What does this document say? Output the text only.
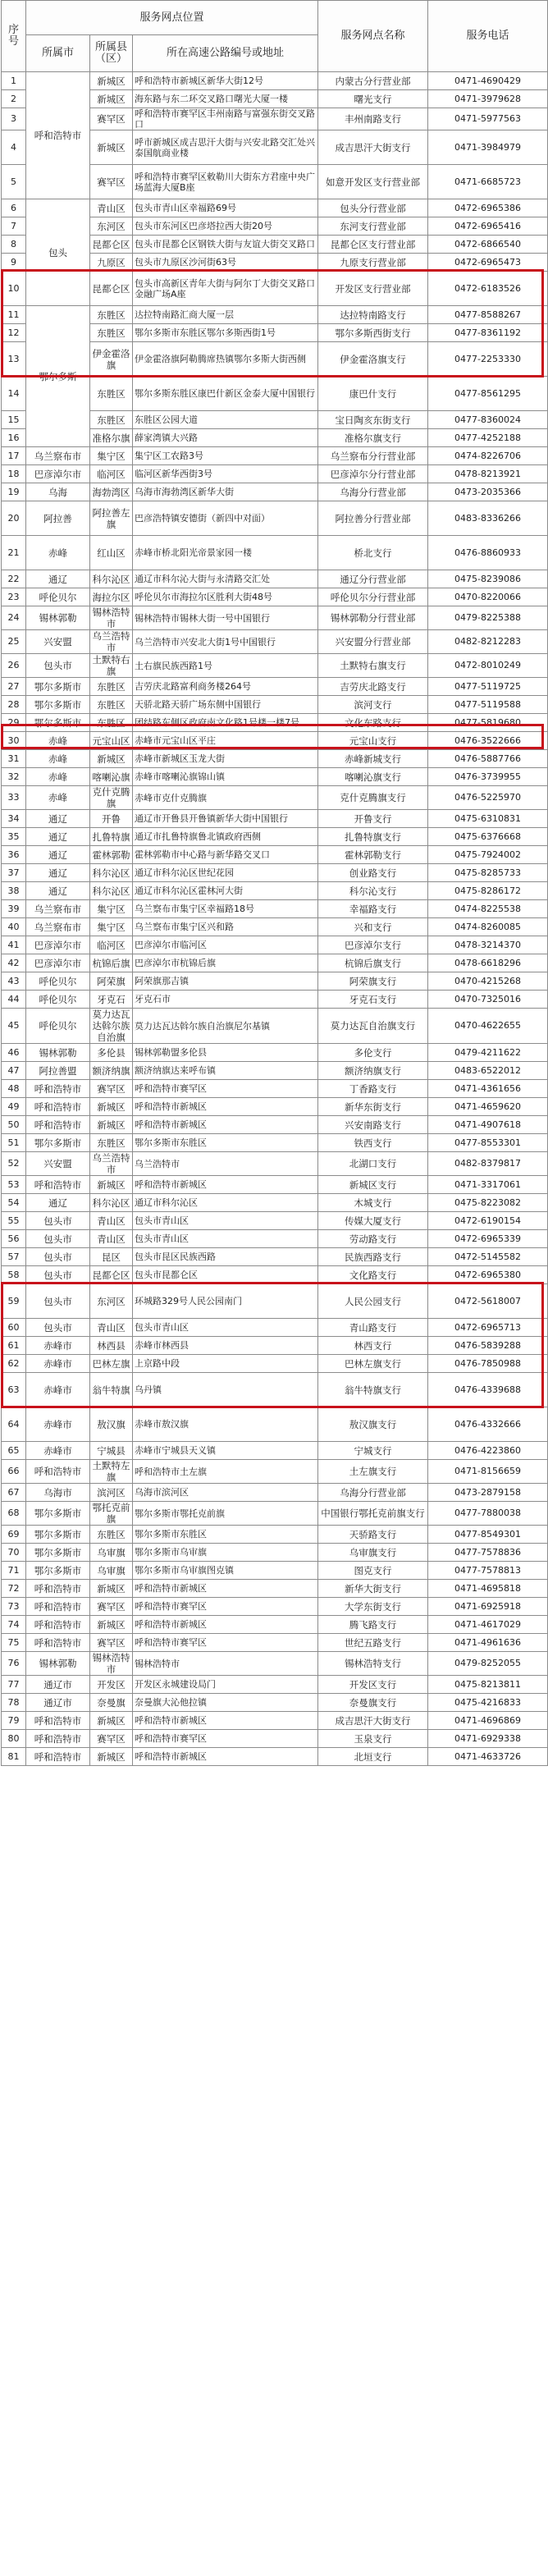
序号	服务网点位置			服务网点名称	服务电话
	所属市	所属县（区）	所在高速公路编号或地址		
1	呼和浩特市	新城区	呼和浩特市新城区新华大街12号	内蒙古分行营业部	0471-4690429
2		新城区	海东路与东二环交叉路口曙光大厦一楼	曙光支行	0471-3979628
3		赛罕区	呼和浩特市赛罕区丰州南路与富强东街交叉路口	丰州南路支行	0471-5977563
4		新城区	呼市新城区成吉思汗大街与兴安北路交汇处兴泰国航商业楼	成吉思汗大街支行	0471-3984979
5		赛罕区	呼和浩特市赛罕区敕勒川大街东方君座中央广场蓝海大厦B座	如意开发区支行营业部	0471-6685723
6	包头	青山区	包头市青山区幸福路69号	包头分行营业部	0472-6965386
7		东河区	包头市东河区巴彦塔拉西大街20号	东河支行营业部	0472-6965416
8		昆都仑区	包头市昆都仑区钢铁大街与友谊大街交叉路口	昆都仑区支行营业部	0472-6866540
9		九原区	包头市九原区沙河街63号	九原支行营业部	0472-6965473
10		昆都仑区	包头市高新区青年大街与阿尔丁大街交叉路口金融广场A座	开发区支行营业部	0472-6183526
11	鄂尔多斯	东胜区	达拉特南路汇商大厦一层	达拉特南路支行	0477-8588267
12		东胜区	鄂尔多斯市东胜区鄂尔多斯西街1号	鄂尔多斯西街支行	0477-8361192
13		伊金霍洛旗	伊金霍洛旗阿勒腾席热镇鄂尔多斯大街西侧	伊金霍洛旗支行	0477-2253330
14		东胜区	鄂尔多斯东胜区康巴什新区金泰大厦中国银行	康巴什支行	0477-8561295
15		东胜区	东胜区公园大道	宝日陶亥东街支行	0477-8360024
16		准格尔旗	薛家湾镇大兴路	准格尔旗支行	0477-4252188
17	乌兰察布市	集宁区	集宁区工农路3号	乌兰察布分行营业部	0474-8226706
18	巴彦淖尔市	临河区	临河区新华西街3号	巴彦淖尔分行营业部	0478-8213921
19	乌海	海勃湾区	乌海市海勃湾区新华大街	乌海分行营业部	0473-2035366
20	阿拉善	阿拉善左旗	巴彦浩特镇安德街（新四中对面）	阿拉善分行营业部	0483-8336266
21	赤峰	红山区	赤峰市桥北阳光帝景家园一楼	桥北支行	0476-8860933
22	通辽	科尔沁区	通辽市科尔沁大街与永清路交汇处	通辽分行营业部	0475-8239086
23	呼伦贝尔	海拉尔区	呼伦贝尔市海拉尔区胜利大街48号	呼伦贝尔分行营业部	0470-8220066
24	锡林郭勒	锡林浩特市	锡林浩特市锡林大街一号中国银行	锡林郭勒分行营业部	0479-8225388
25	兴安盟	乌兰浩特市	乌兰浩特市兴安北大街1号中国银行	兴安盟分行营业部	0482-8212283
26	包头市	土默特右旗	土右旗民族西路1号	土默特右旗支行	0472-8010249
27	鄂尔多斯市	东胜区	吉劳庆北路富利商务楼264号	吉劳庆北路支行	0477-5119725
28	鄂尔多斯市	东胜区	天骄北路天骄广场东侧中国银行	滨河支行	0477-5119588
29	鄂尔多斯市	东胜区	团结路东侧区政府南文化路1号楼一楼7号	文化东路支行	0477-5819680
30	赤峰	元宝山区	赤峰市元宝山区平庄	元宝山支行	0476-3522666
31	赤峰	新城区	赤峰市新城区玉龙大街	赤峰新城支行	0476-5887766
32	赤峰	喀喇沁旗	赤峰市喀喇沁旗锦山镇	喀喇沁旗支行	0476-3739955
33	赤峰	克什克腾旗	赤峰市克什克腾旗	克什克腾旗支行	0476-5225970
34	通辽	开鲁	通辽市开鲁县开鲁镇新华大街中国银行	开鲁支行	0475-6310831
35	通辽	扎鲁特旗	通辽市扎鲁特旗鲁北镇政府西侧	扎鲁特旗支行	0475-6376668
36	通辽	霍林郭勒	霍林郭勒市中心路与新华路交叉口	霍林郭勒支行	0475-7924002
37	通辽	科尔沁区	通辽市科尔沁区世纪花园	创业路支行	0475-8285733
38	通辽	科尔沁区	通辽市科尔沁区霍林河大街	科尔沁支行	0475-8286172
39	乌兰察布市	集宁区	乌兰察布市集宁区幸福路18号	幸福路支行	0474-8225538
40	乌兰察布市	集宁区	乌兰察布市集宁区兴和路	兴和支行	0474-8260085
41	巴彦淖尔市	临河区	巴彦淖尔市临河区	巴彦淖尔支行	0478-3214370
42	巴彦淖尔市	杭锦后旗	巴彦淖尔市杭锦后旗	杭锦后旗支行	0478-6618296
43	呼伦贝尔	阿荣旗	阿荣旗那吉镇	阿荣旗支行	0470-4215268
44	呼伦贝尔	牙克石	牙克石市	牙克石支行	0470-7325016
45	呼伦贝尔	莫力达瓦达斡尔族自治旗	莫力达瓦达斡尔族自治旗尼尔基镇	莫力达瓦自治旗支行	0470-4622655
46	锡林郭勒	多伦县	锡林郭勒盟多伦县	多伦支行	0479-4211622
47	阿拉善盟	额济纳旗	额济纳旗达来呼布镇	额济纳旗支行	0483-6522012
48	呼和浩特市	赛罕区	呼和浩特市赛罕区	丁香路支行	0471-4361656
49	呼和浩特市	新城区	呼和浩特市新城区	新华东街支行	0471-4659620
50	呼和浩特市	新城区	呼和浩特市新城区	兴安南路支行	0471-4907618
51	鄂尔多斯市	东胜区	鄂尔多斯市东胜区	铁西支行	0477-8553301
52	兴安盟	乌兰浩特市	乌兰浩特市	北湖口支行	0482-8379817
53	呼和浩特市	新城区	呼和浩特市新城区	新城区支行	0471-3317061
54	通辽	科尔沁区	通辽市科尔沁区	木城支行	0475-8223082
55	包头市	青山区	包头市青山区	传媒大厦支行	0472-6190154
56	包头市	青山区	包头市青山区	劳动路支行	0472-6965339
57	包头市	昆区	包头市昆区民族西路	民族西路支行	0472-5145582
58	包头市	昆都仑区	包头市昆都仑区	文化路支行	0472-6965380
59	包头市	东河区	环城路329号人民公园南门	人民公园支行	0472-5618007
60	包头市	青山区	包头市青山区	青山路支行	0472-6965713
61	赤峰市	林西县	赤峰市林西县	林西支行	0476-5839288
62	赤峰市	巴林左旗	上京路中段	巴林左旗支行	0476-7850988
63	赤峰市	翁牛特旗	乌丹镇	翁牛特旗支行	0476-4339688
64	赤峰市	敖汉旗	赤峰市敖汉旗	敖汉旗支行	0476-4332666
65	赤峰市	宁城县	赤峰市宁城县天义镇	宁城支行	0476-4223860
66	呼和浩特市	土默特左旗	呼和浩特市土左旗	土左旗支行	0471-8156659
67	乌海市	滨河区	乌海市滨河区	乌海分行营业部	0473-2879158
68	鄂尔多斯市	鄂托克前旗	鄂尔多斯市鄂托克前旗	中国银行鄂托克前旗支行	0477-7880038
69	鄂尔多斯市	东胜区	鄂尔多斯市东胜区	天骄路支行	0477-8549301
70	鄂尔多斯市	乌审旗	鄂尔多斯市乌审旗	乌审旗支行	0477-7578836
71	鄂尔多斯市	乌审旗	鄂尔多斯市乌审旗图克镇	图克支行	0477-7578813
72	呼和浩特市	新城区	呼和浩特市新城区	新华大街支行	0471-4695818
73	呼和浩特市	赛罕区	呼和浩特市赛罕区	大学东街支行	0471-6925918
74	呼和浩特市	新城区	呼和浩特市新城区	腾飞路支行	0471-4617029
75	呼和浩特市	赛罕区	呼和浩特市赛罕区	世纪五路支行	0471-4961636
76	锡林郭勒	锡林浩特市	锡林浩特市	锡林浩特支行	0479-8252055
77	通辽市	开发区	开发区永城建设局门	开发区支行	0475-8213811
78	通辽市	奈曼旗	奈曼旗大沁他拉镇	奈曼旗支行	0475-4216833
79	呼和浩特市	新城区	呼和浩特市新城区	成吉思汗大街支行	0471-4696869
80	呼和浩特市	赛罕区	呼和浩特市赛罕区	玉泉支行	0471-6929338
81	呼和浩特市	新城区	呼和浩特市新城区	北垣支行	0471-4633726
